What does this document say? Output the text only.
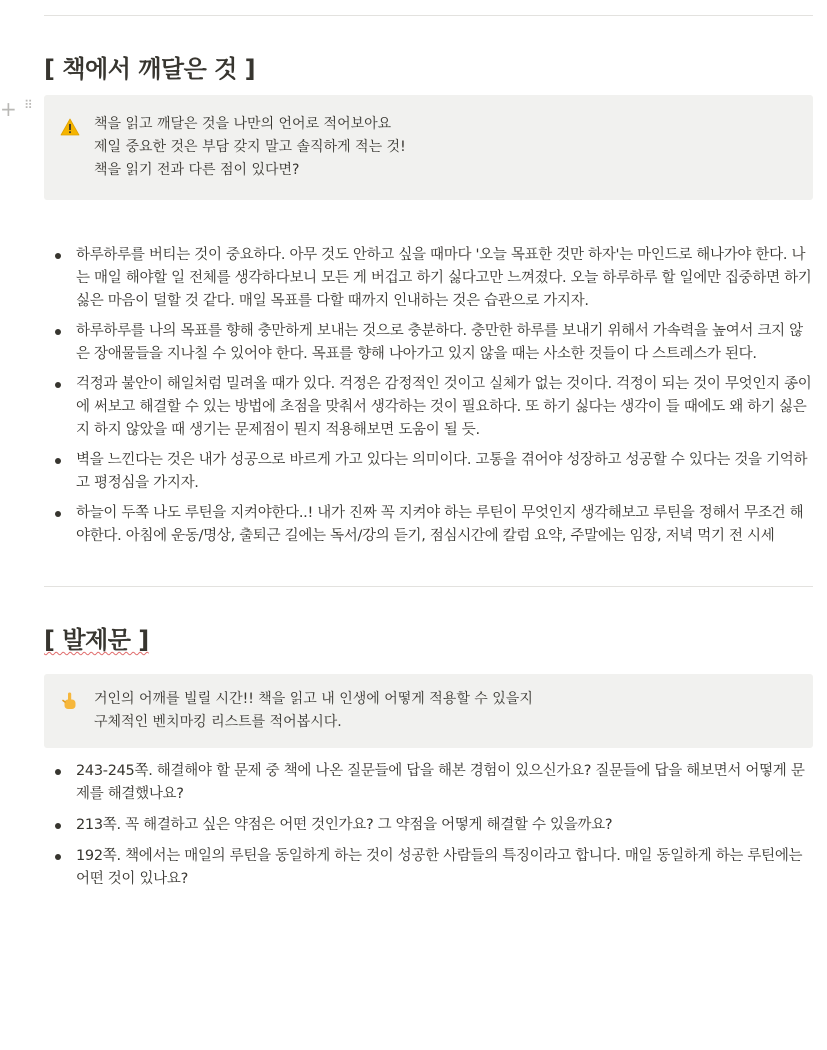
+ ⠿
[ 책에서 깨달은 것 ]
책을 읽고 깨달은 것을 나만의 언어로 적어보아요
제일 중요한 것은 부담 갖지 말고 솔직하게 적는 것!
책을 읽기 전과 다른 점이 있다면?
하루하루를 버티는 것이 중요하다. 아무 것도 안하고 싶을 때마다 '오늘 목표한 것만 하자'는 마인드로 해나가야 한다. 나는 매일 해야할 일 전체를 생각하다보니 모든 게 버겁고 하기 싫다고만 느껴졌다. 오늘 하루하루 할 일에만 집중하면 하기 싫은 마음이 덜할 것 같다. 매일 목표를 다할 때까지 인내하는 것은 습관으로 가지자.
하루하루를 나의 목표를 향해 충만하게 보내는 것으로 충분하다. 충만한 하루를 보내기 위해서 가속력을 높여서 크지 않은 장애물들을 지나칠 수 있어야 한다. 목표를 향해 나아가고 있지 않을 때는 사소한 것들이 다 스트레스가 된다.
걱정과 불안이 해일처럼 밀려올 때가 있다. 걱정은 감정적인 것이고 실체가 없는 것이다. 걱정이 되는 것이 무엇인지 종이에 써보고 해결할 수 있는 방법에 초점을 맞춰서 생각하는 것이 필요하다. 또 하기 싫다는 생각이 들 때에도 왜 하기 싫은지 하지 않았을 때 생기는 문제점이 뭔지 적용해보면 도움이 될 듯.
벽을 느낀다는 것은 내가 성공으로 바르게 가고 있다는 의미이다. 고통을 겪어야 성장하고 성공할 수 있다는 것을 기억하고 평정심을 가지자.
하늘이 두쪽 나도 루틴을 지켜야한다..! 내가 진짜 꼭 지켜야 하는 루틴이 무엇인지 생각해보고 루틴을 정해서 무조건 해야한다. 아침에 운동/명상, 출퇴근 길에는 독서/강의 듣기, 점심시간에 칼럼 요약, 주말에는 임장, 저녁 먹기 전 시세
[ 발제문 ]
거인의 어깨를 빌릴 시간!! 책을 읽고 내 인생에 어떻게 적용할 수 있을지
구체적인 벤치마킹 리스트를 적어봅시다.
243-245쪽. 해결해야 할 문제 중 책에 나온 질문들에 답을 해본 경험이 있으신가요? 질문들에 답을 해보면서 어떻게 문제를 해결했나요?
213쪽. 꼭 해결하고 싶은 약점은 어떤 것인가요? 그 약점을 어떻게 해결할 수 있을까요?
192쪽. 책에서는 매일의 루틴을 동일하게 하는 것이 성공한 사람들의 특징이라고 합니다. 매일 동일하게 하는 루틴에는 어떤 것이 있나요?
